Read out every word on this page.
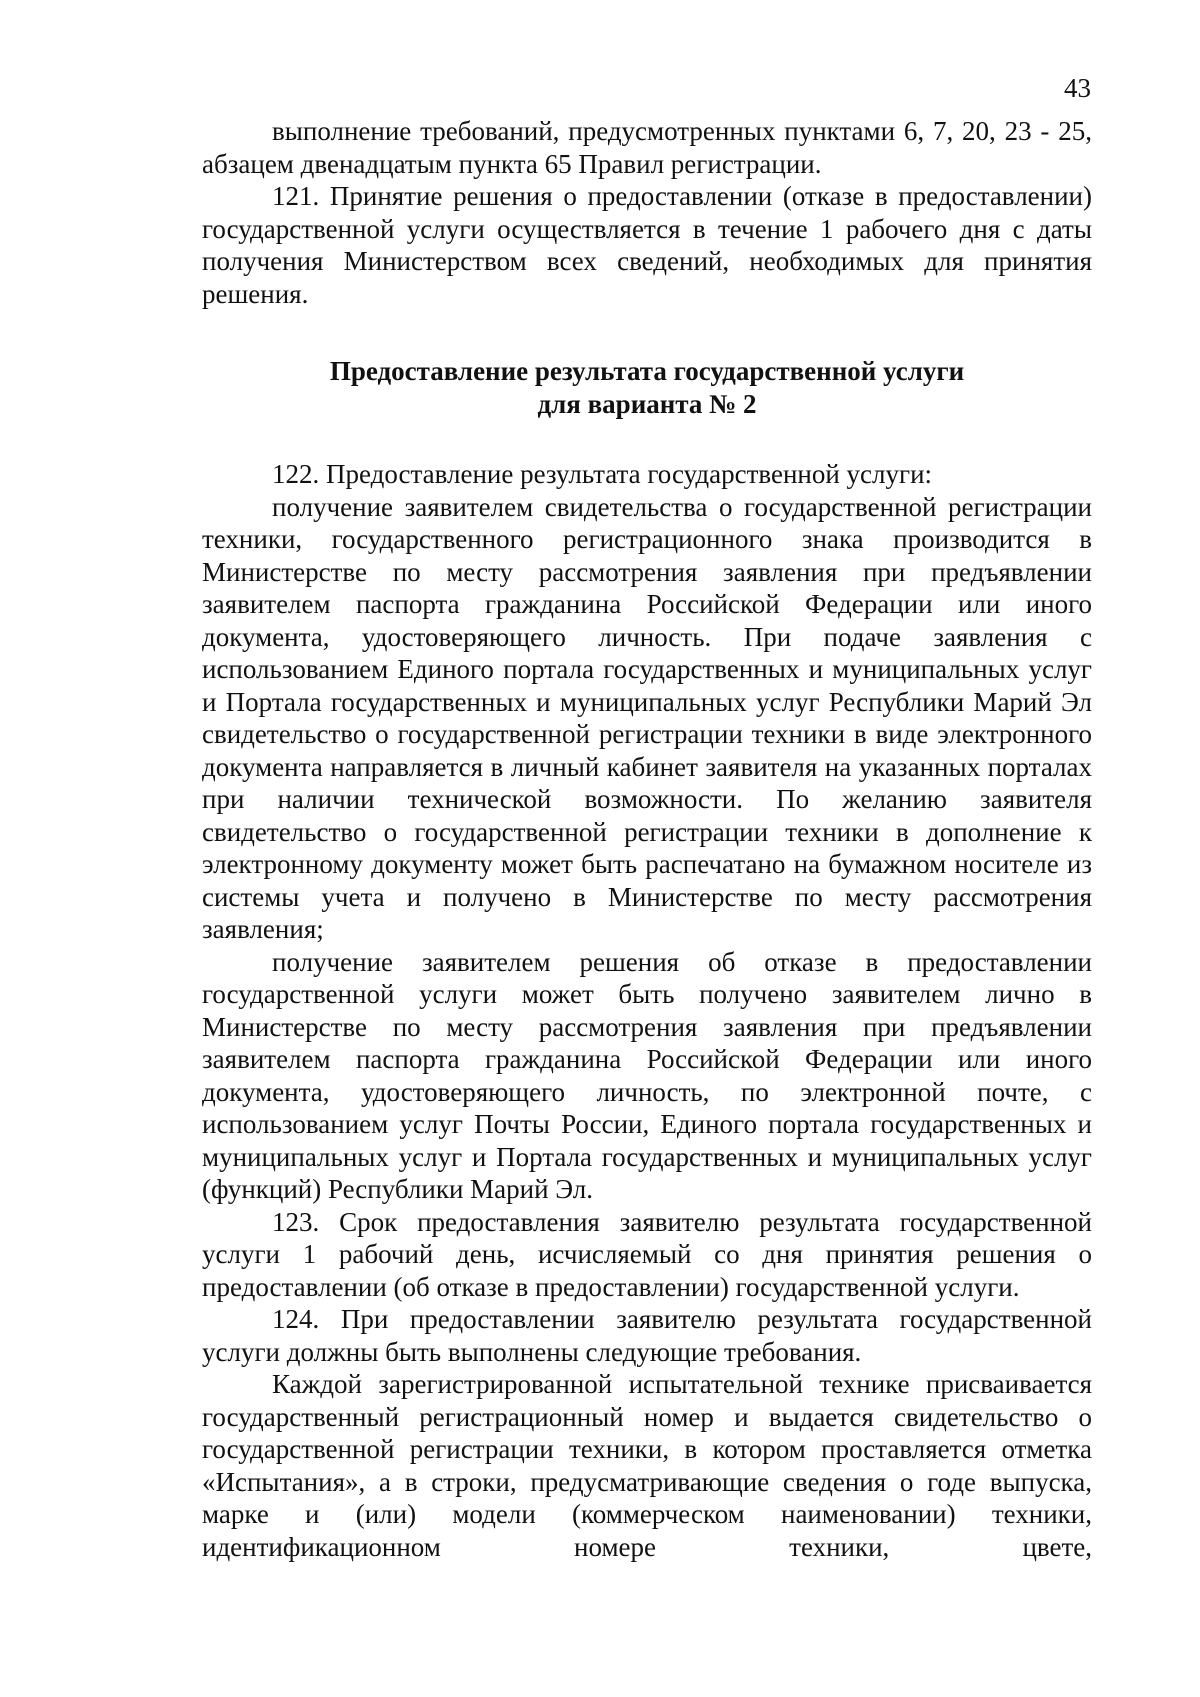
43

выполнение требований, предусмотренных пунктами 6, 7, 20, 23 - 25, абзацем двенадцатым пункта 65 Правил регистрации.

121. Принятие решения о предоставлении (отказе в предоставлении) государственной услуги осуществляется в течение 1 рабочего дня с даты получения Министерством всех сведений, необходимых для принятия решения.

Предоставление результата государственной услуги
для варианта № 2

122. Предоставление результата государственной услуги:

получение заявителем свидетельства о государственной регистрации техники, государственного регистрационного знака производится в Министерстве по месту рассмотрения заявления при предъявлении заявителем паспорта гражданина Российской Федерации или иного документа, удостоверяющего личность. При подаче заявления с использованием Единого портала государственных и муниципальных услуг и Портала государственных и муниципальных услуг Республики Марий Эл свидетельство о государственной регистрации техники в виде электронного документа направляется в личный кабинет заявителя на указанных порталах при наличии технической возможности. По желанию заявителя свидетельство о государственной регистрации техники в дополнение к электронному документу может быть распечатано на бумажном носителе из системы учета и получено в Министерстве по месту рассмотрения заявления;

получение заявителем решения об отказе в предоставлении государственной услуги может быть получено заявителем лично в Министерстве по месту рассмотрения заявления при предъявлении заявителем паспорта гражданина Российской Федерации или иного документа, удостоверяющего личность, по электронной почте, с использованием услуг Почты России, Единого портала государственных и муниципальных услуг и Портала государственных и муниципальных услуг (функций) Республики Марий Эл.

123. Срок предоставления заявителю результата государственной услуги 1 рабочий день, исчисляемый со дня принятия решения о предоставлении (об отказе в предоставлении) государственной услуги.

124. При предоставлении заявителю результата государственной услуги должны быть выполнены следующие требования.

Каждой зарегистрированной испытательной технике присваивается государственный регистрационный номер и выдается свидетельство о государственной регистрации техники, в котором проставляется отметка «Испытания», а в строки, предусматривающие сведения о годе выпуска, марке и (или) модели (коммерческом наименовании) техники, идентификационном номере техники, цвете,
